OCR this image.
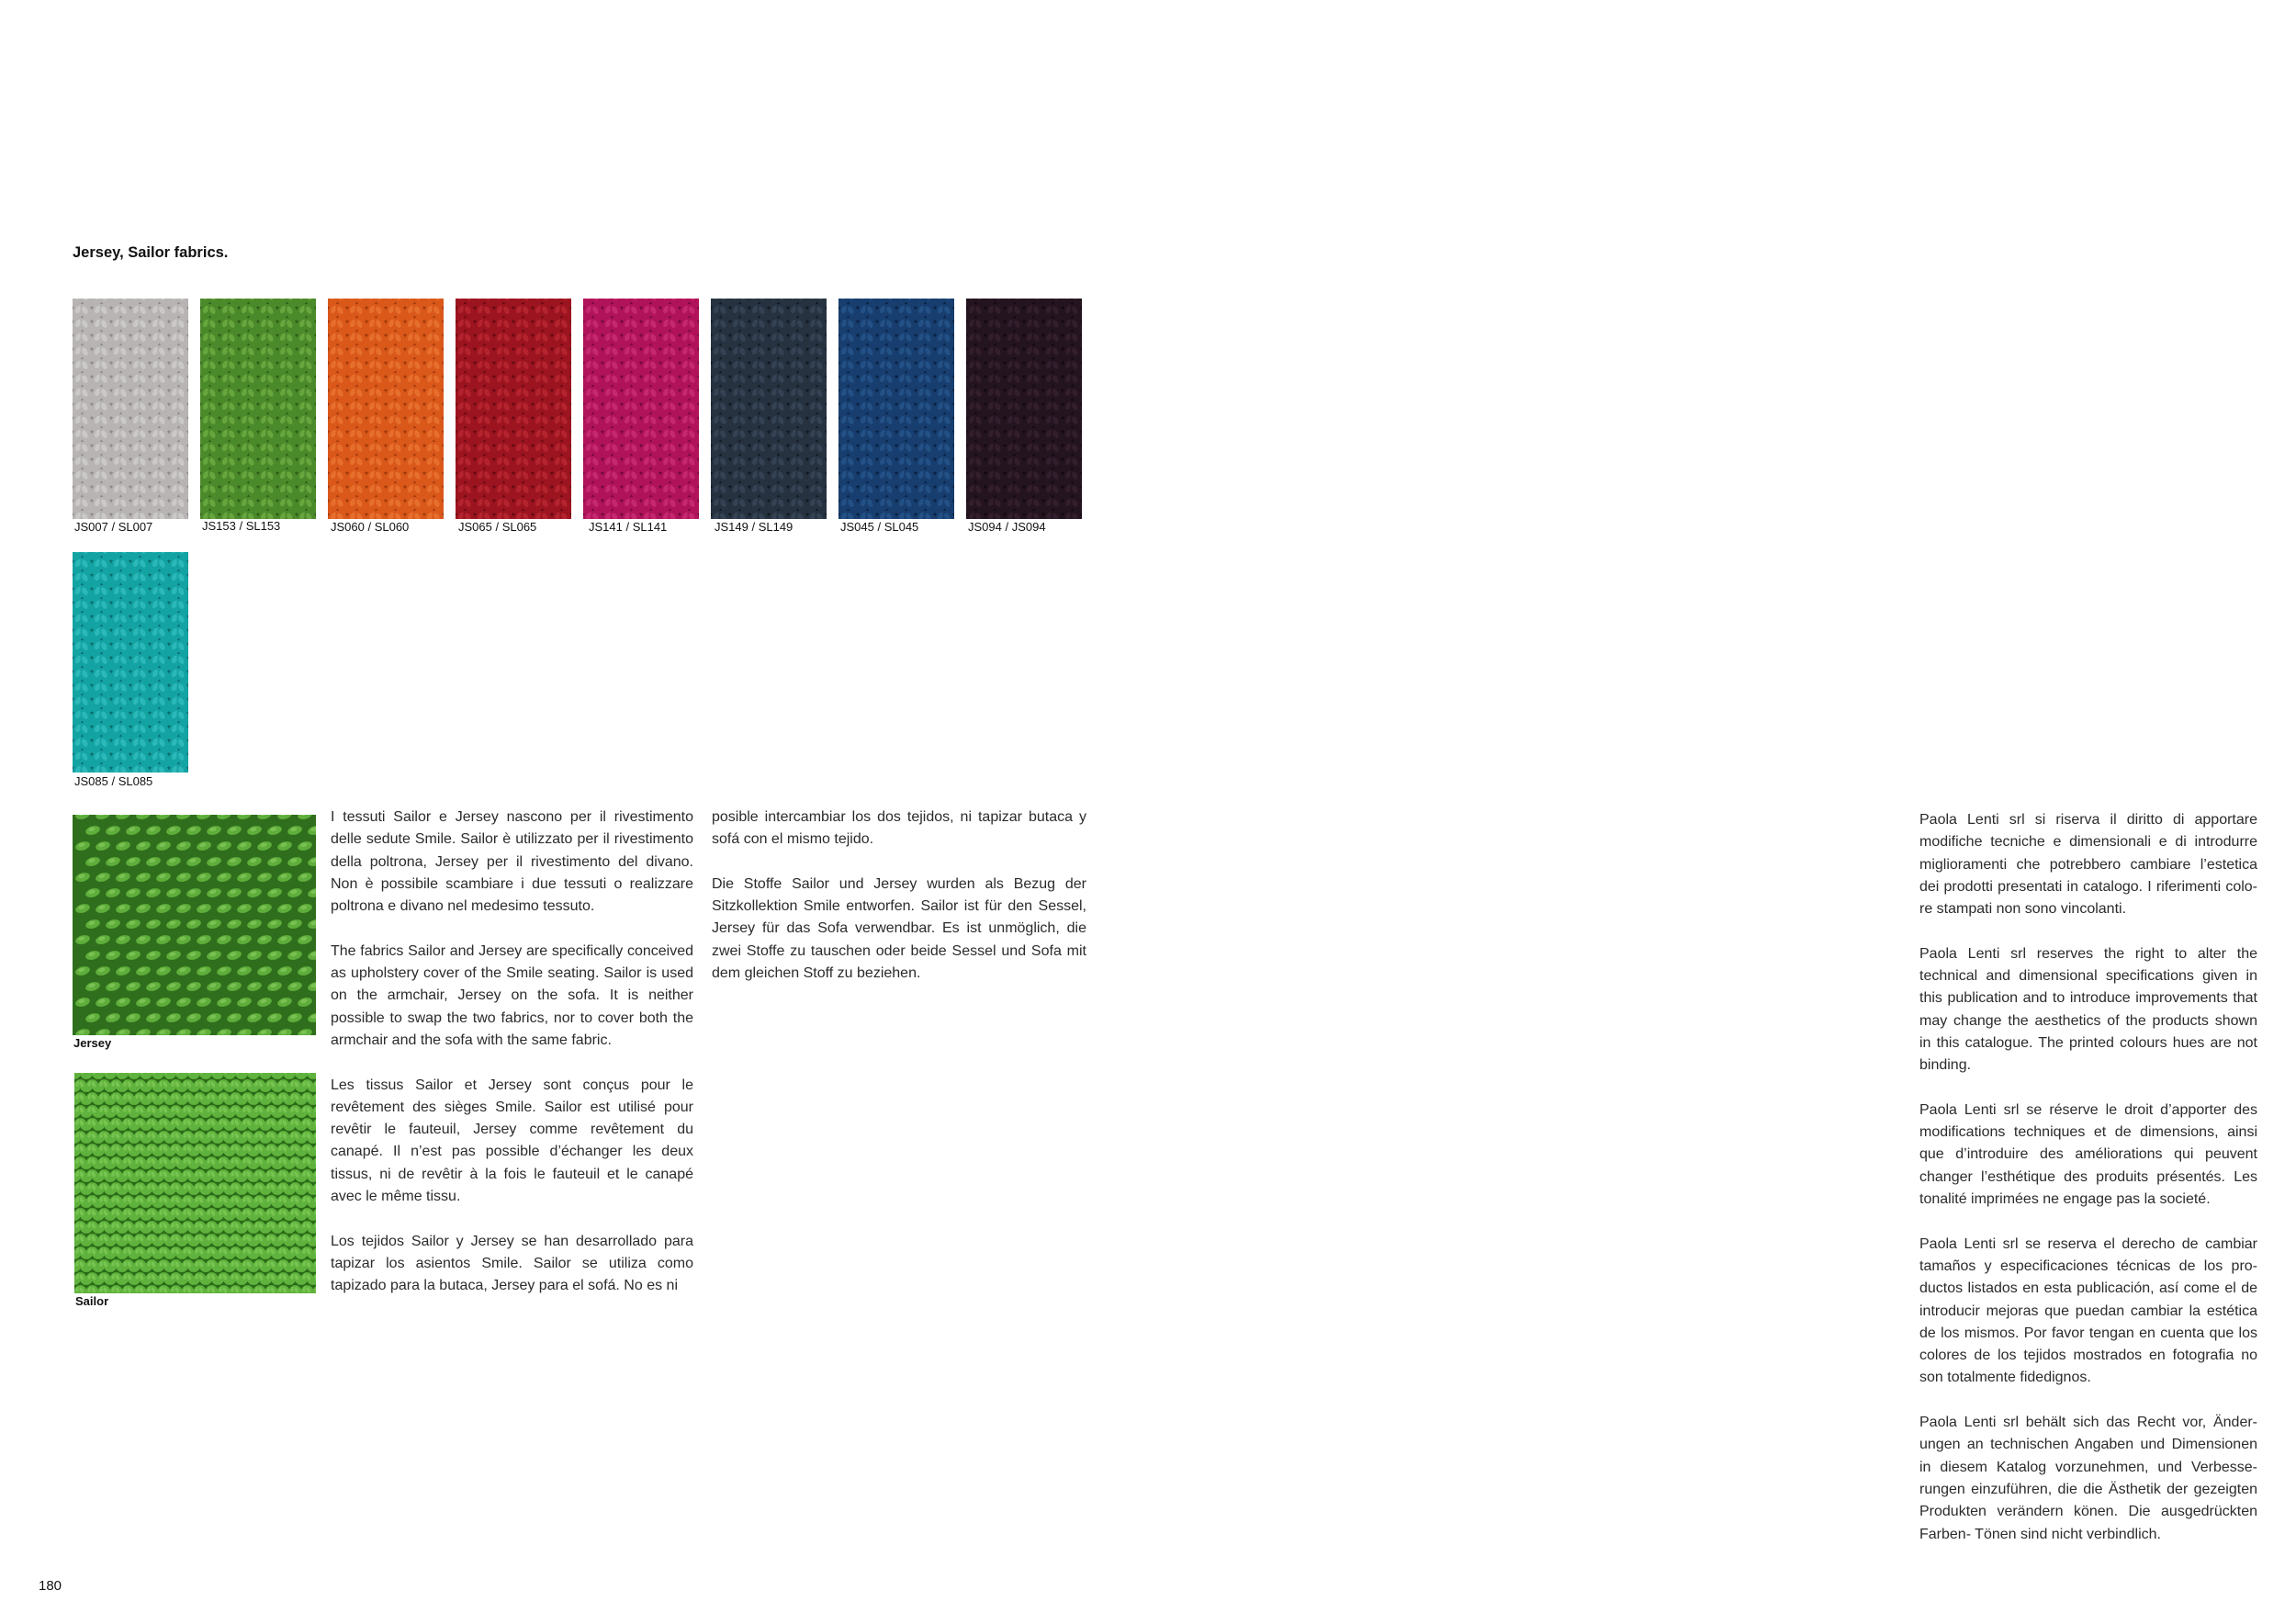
Jersey, Sailor fabrics.
JS007 / SL007	JS153 / SL153	JS060 / SL060	JS065 / SL065	JS141 / SL141	JS149 / SL149	JS045 / SL045	JS094 / JS094
JS085 / SL085
Jersey
Sailor

I tessuti Sailor e Jersey nascono per il rivestimento delle sedute Smile. Sailor è utilizzato per il rivestimento della poltrona, Jersey per il rivestimento del divano. Non è possibile scambiare i due tessuti o realizzare poltrona e divano nel medesimo tessuto.

The fabrics Sailor and Jersey are specifically conceived as upholstery cover of the Smile seating. Sailor is used on the armchair, Jersey on the sofa. It is neither possible to swap the two fabrics, nor to cover both the armchair and the sofa with the same fabric.

Les tissus Sailor et Jersey sont conçus pour le revêtement des sièges Smile. Sailor est utilisé pour revêtir le fauteuil, Jersey comme revêtement du canapé. Il n’est pas possible d’échanger les deux tissus, ni de revêtir à la fois le fauteuil et le canapé avec le même tissu.

Los tejidos Sailor y Jersey se han desarrollado para tapizar los asientos Smile. Sailor se utiliza como tapizado para la butaca, Jersey para el sofá. No es ni

posible intercambiar los dos tejidos, ni tapizar butaca y sofá con el mismo tejido.

Die Stoffe Sailor und Jersey wurden als Bezug der Sitzkollektion Smile entworfen. Sailor ist für den Sessel, Jersey für das Sofa verwendbar. Es ist unmöglich, die zwei Stoffe zu tauschen oder beide Sessel und Sofa mit dem gleichen Stoff zu beziehen.

Paola Lenti srl si riserva il diritto di apportare modifiche tecniche e dimensionali e di introdurre miglioramenti che potrebbero cambiare l’estetica dei prodotti presentati in catalogo. I riferimenti colo-re stampati non sono vincolanti.

Paola Lenti srl reserves the right to alter the technical and dimensional specifications given in this publication and to introduce improvements that may change the aesthetics of the products shown in this catalogue. The printed colours hues are not binding.

Paola Lenti srl se réserve le droit d’apporter des modifications techniques et de dimensions, ainsi que d’introduire des améliorations qui peuvent changer l’esthétique des produits présentés. Les tonalité imprimées ne engage pas la societé.

Paola Lenti srl se reserva el derecho de cambiar tamaños y especificaciones técnicas de los pro-ductos listados en esta publicación, así come el de introducir mejoras que puedan cambiar la estética de los mismos. Por favor tengan en cuenta que los colores de los tejidos mostrados en fotografia no son totalmente fidedignos.

Paola Lenti srl behält sich das Recht vor, Änder-ungen an technischen Angaben und Dimensionen in diesem Katalog vorzunehmen, und Verbesse-rungen einzuführen, die die Ästhetik der gezeigten Produkten verändern könen. Die ausgedrückten Farben- Tönen sind nicht verbindlich.

180
